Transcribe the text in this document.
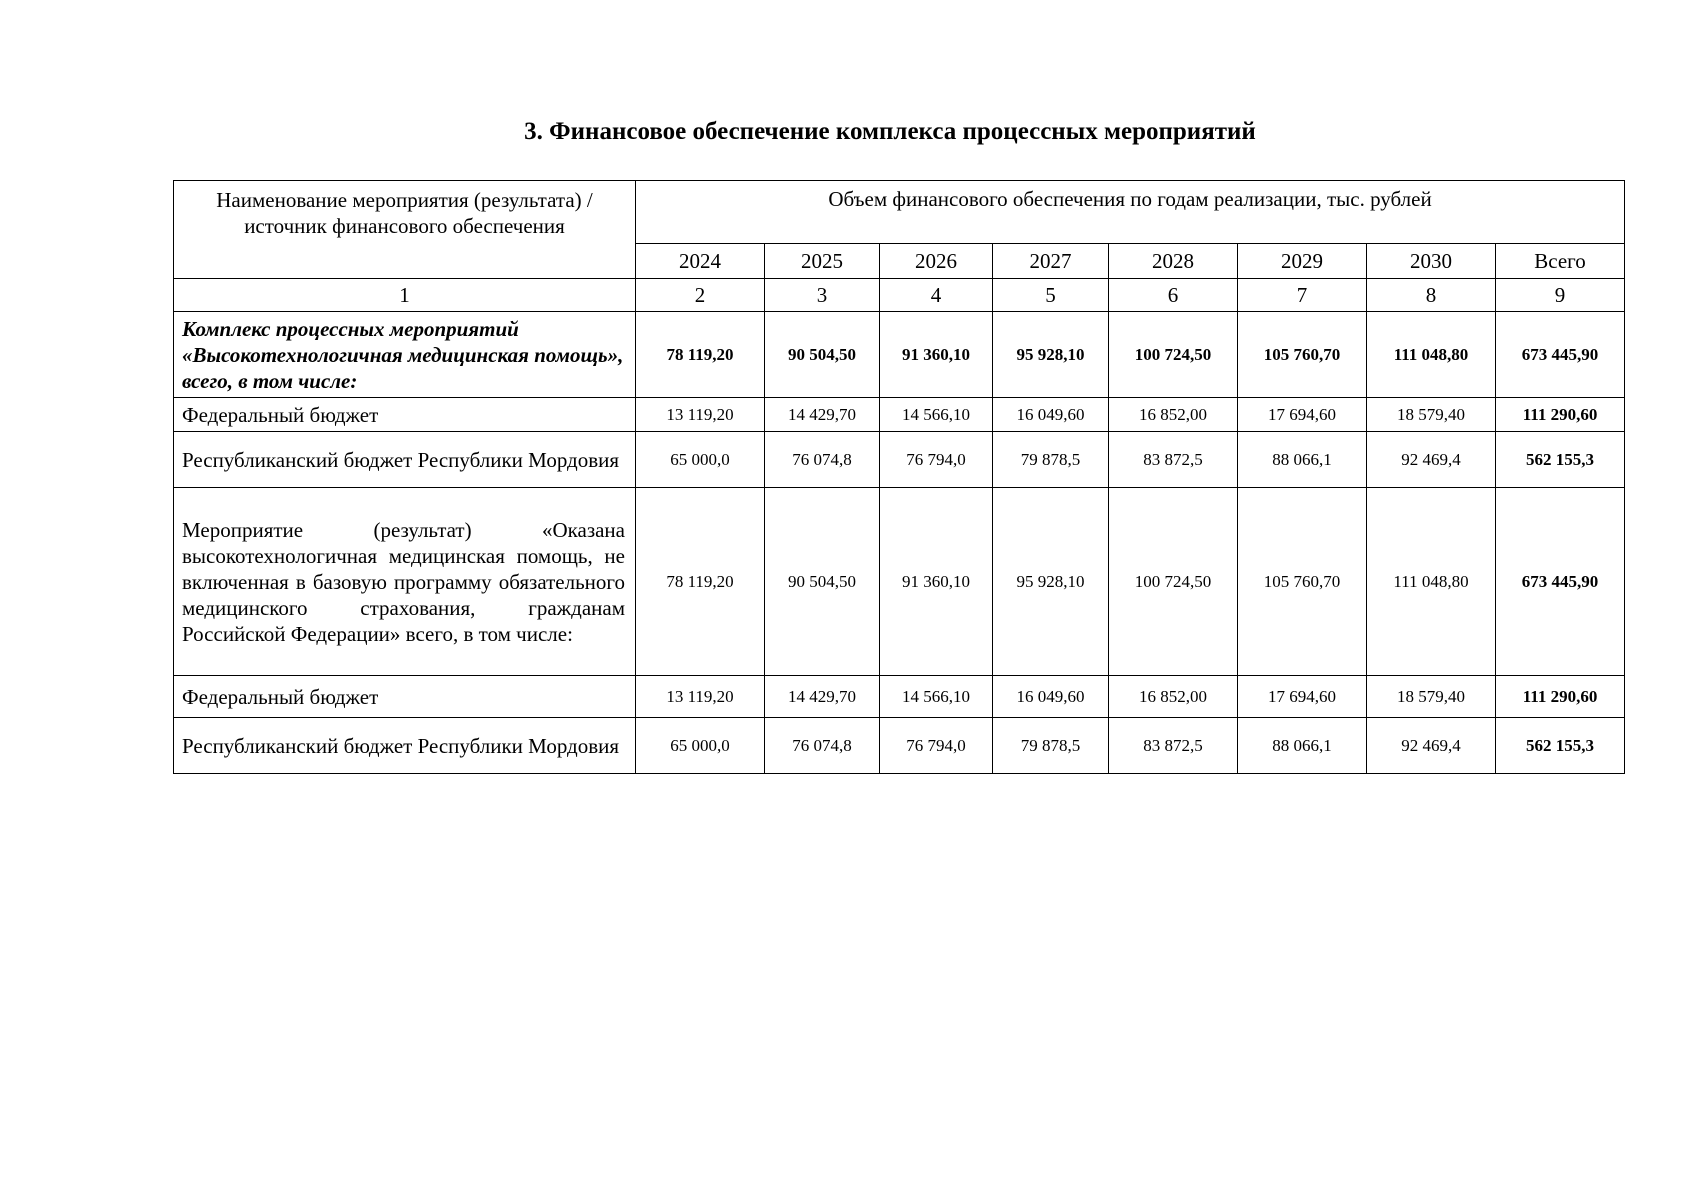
3. Финансовое обеспечение комплекса процессных мероприятий
Наименование мероприятия (результата) / источник финансового обеспечения	Объем финансового обеспечения по годам реализации, тыс. рублей							
	2024	2025	2026	2027	2028	2029	2030	Всего
1	2	3	4	5	6	7	8	9
Комплекс процессных мероприятий «Высокотехнологичная медицинская помощь», всего, в том числе:	78 119,20	90 504,50	91 360,10	95 928,10	100 724,50	105 760,70	111 048,80	673 445,90
Федеральный бюджет	13 119,20	14 429,70	14 566,10	16 049,60	16 852,00	17 694,60	18 579,40	111 290,60
Республиканский бюджет Республики Мордовия	65 000,0	76 074,8	76 794,0	79 878,5	83 872,5	88 066,1	92 469,4	562 155,3
Мероприятие (результат) «Оказана высокотехнологичная медицинская помощь, не включенная в базовую программу обязательного медицинского страхования, гражданам Российской Федерации» всего, в том числе:	78 119,20	90 504,50	91 360,10	95 928,10	100 724,50	105 760,70	111 048,80	673 445,90
Федеральный бюджет	13 119,20	14 429,70	14 566,10	16 049,60	16 852,00	17 694,60	18 579,40	111 290,60
Республиканский бюджет Республики Мордовия	65 000,0	76 074,8	76 794,0	79 878,5	83 872,5	88 066,1	92 469,4	562 155,3
